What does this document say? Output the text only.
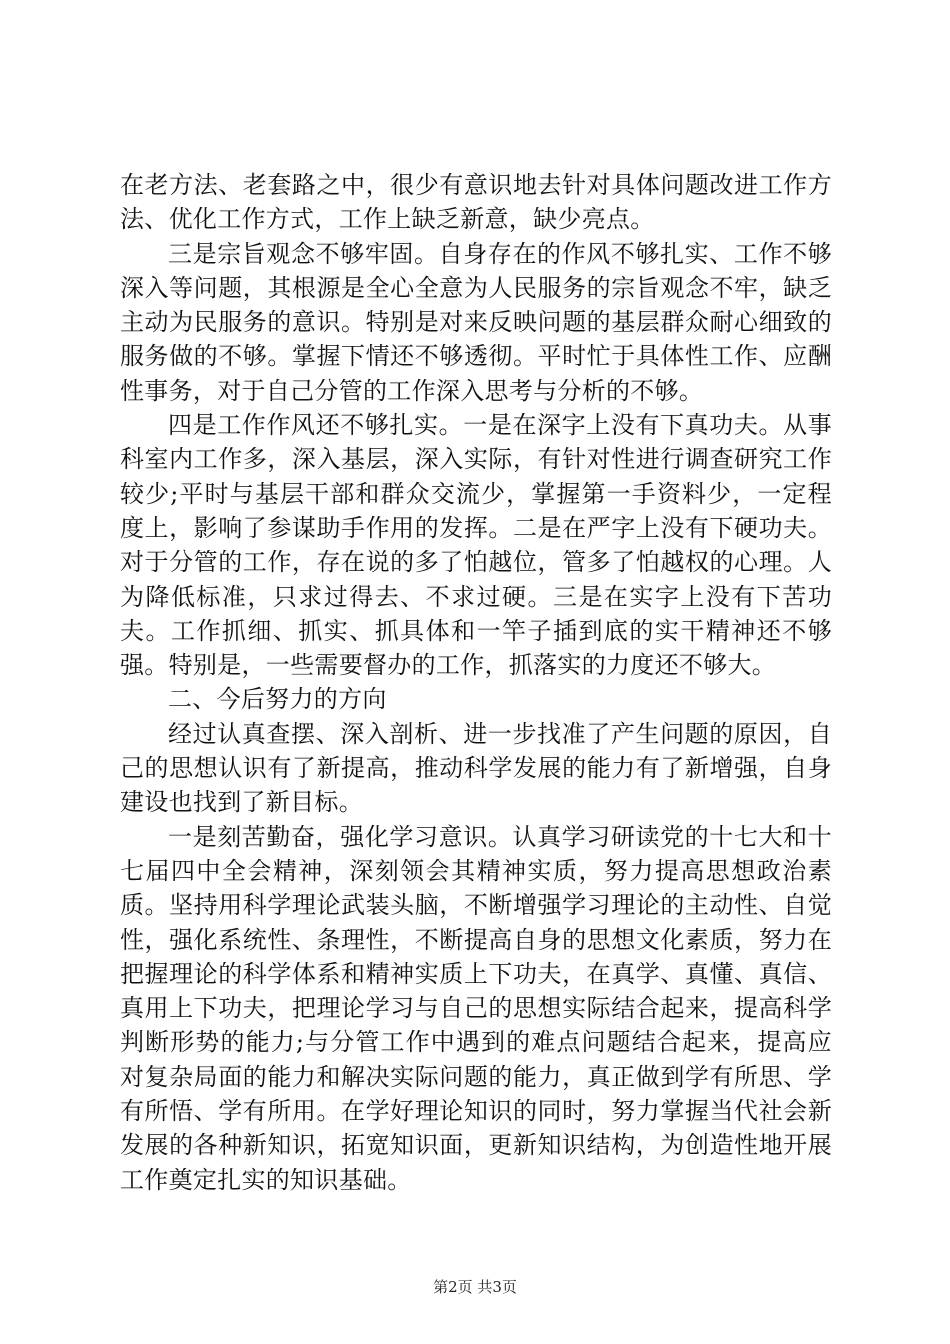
在老方法、老套路之中，很少有意识地去针对具体问题改进工作方法、优化工作方式，工作上缺乏新意，缺少亮点。

三是宗旨观念不够牢固。自身存在的作风不够扎实、工作不够深入等问题，其根源是全心全意为人民服务的宗旨观念不牢，缺乏主动为民服务的意识。特别是对来反映问题的基层群众耐心细致的服务做的不够。掌握下情还不够透彻。平时忙于具体性工作、应酬性事务，对于自己分管的工作深入思考与分析的不够。

四是工作作风还不够扎实。一是在深字上没有下真功夫。从事科室内工作多，深入基层，深入实际，有针对性进行调查研究工作较少;平时与基层干部和群众交流少，掌握第一手资料少，一定程度上，影响了参谋助手作用的发挥。二是在严字上没有下硬功夫。对于分管的工作，存在说的多了怕越位，管多了怕越权的心理。人为降低标准，只求过得去、不求过硬。三是在实字上没有下苦功夫。工作抓细、抓实、抓具体和一竿子插到底的实干精神还不够强。特别是，一些需要督办的工作，抓落实的力度还不够大。

二、今后努力的方向

经过认真查摆、深入剖析、进一步找准了产生问题的原因，自己的思想认识有了新提高，推动科学发展的能力有了新增强，自身建设也找到了新目标。

一是刻苦勤奋，强化学习意识。认真学习研读党的十七大和十七届四中全会精神，深刻领会其精神实质，努力提高思想政治素质。坚持用科学理论武装头脑，不断增强学习理论的主动性、自觉性，强化系统性、条理性，不断提高自身的思想文化素质，努力在把握理论的科学体系和精神实质上下功夫，在真学、真懂、真信、真用上下功夫，把理论学习与自己的思想实际结合起来，提高科学判断形势的能力;与分管工作中遇到的难点问题结合起来，提高应对复杂局面的能力和解决实际问题的能力，真正做到学有所思、学有所悟、学有所用。在学好理论知识的同时，努力掌握当代社会新发展的各种新知识，拓宽知识面，更新知识结构，为创造性地开展工作奠定扎实的知识基础。

第2页 共3页
